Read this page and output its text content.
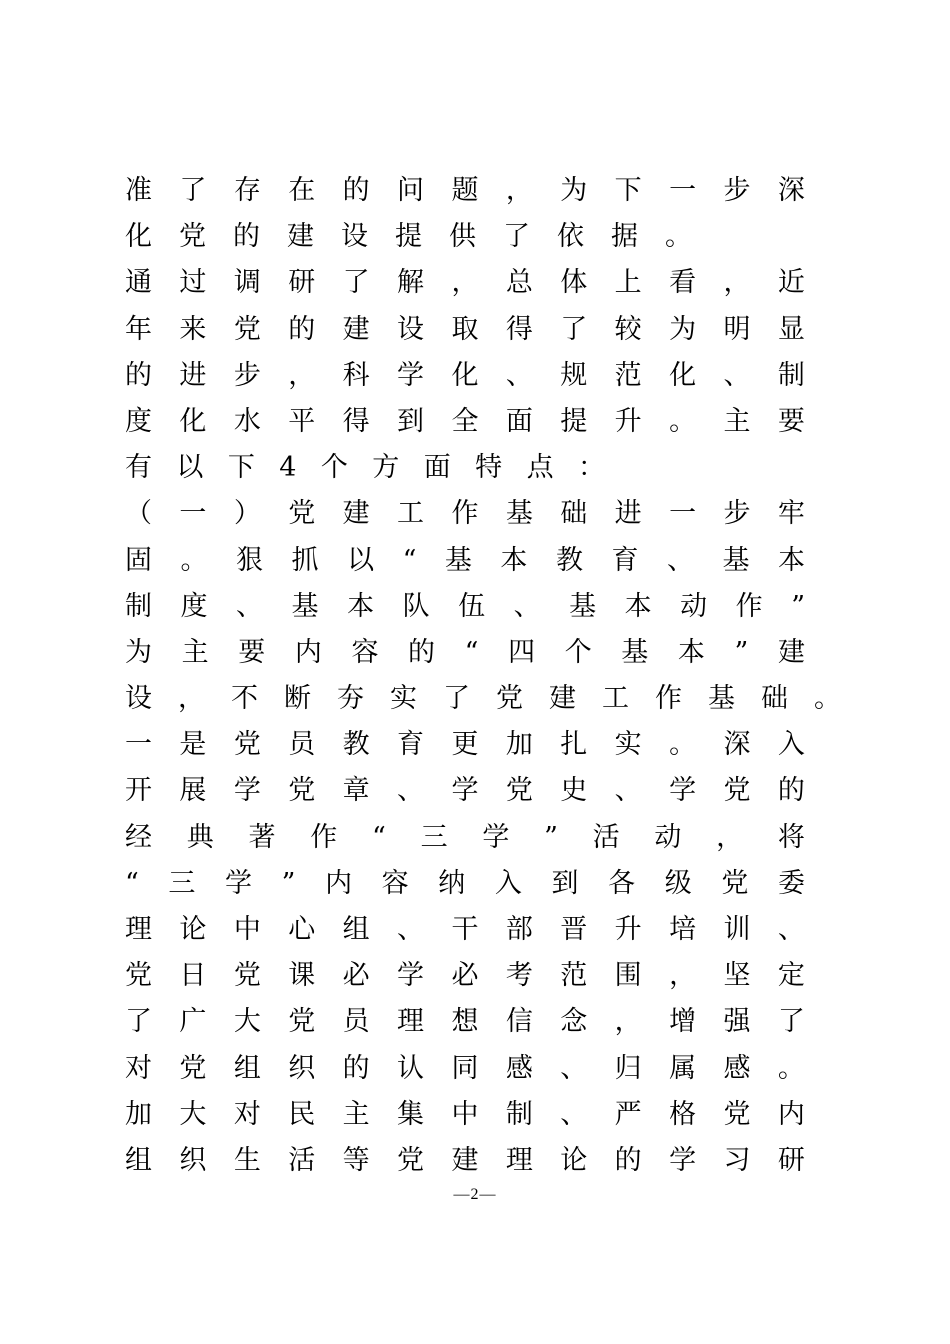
准 了 存 在 的 问 题 ， 为 下 一 步 深
化党的建设提供了依据。
通 过 调 研 了 解 ， 总 体 上 看 ， 近
年 来 党 的 建 设 取 得 了 较 为 明 显
的 进 步 ， 科 学 化 、 规 范 化 、 制
度 化 水 平 得 到 全 面 提 升 。 主 要
有 以 下 4 个 方 面 特 点 ：
（ 一 ） 党 建 工 作 基 础 进 一 步 牢
固 。 狠 抓 以 “ 基 本 教 育 、 基 本
制 度 、 基 本 队 伍 、 基 本 动 作 ”
为 主 要 内 容 的 “ 四 个 基 本 ” 建
设 ， 不 断 夯 实 了 党 建 工 作 基 础 。
一 是 党 员 教 育 更 加 扎 实 。 深 入
开 展 学 党 章 、 学 党 史 、 学 党 的
经 典 著 作 “ 三 学 ” 活 动 ， 将
“ 三 学 ” 内 容 纳 入 到 各 级 党 委
理 论 中 心 组 、 干 部 晋 升 培 训 、
党 日 党 课 必 学 必 考 范 围 ， 坚 定
了 广 大 党 员 理 想 信 念 ， 增 强 了
对 党 组 织 的 认 同 感 、 归 属 感 。
加 大 对 民 主 集 中 制 、 严 格 党 内
组 织 生 活 等 党 建 理 论 的 学 习 研
—2—
